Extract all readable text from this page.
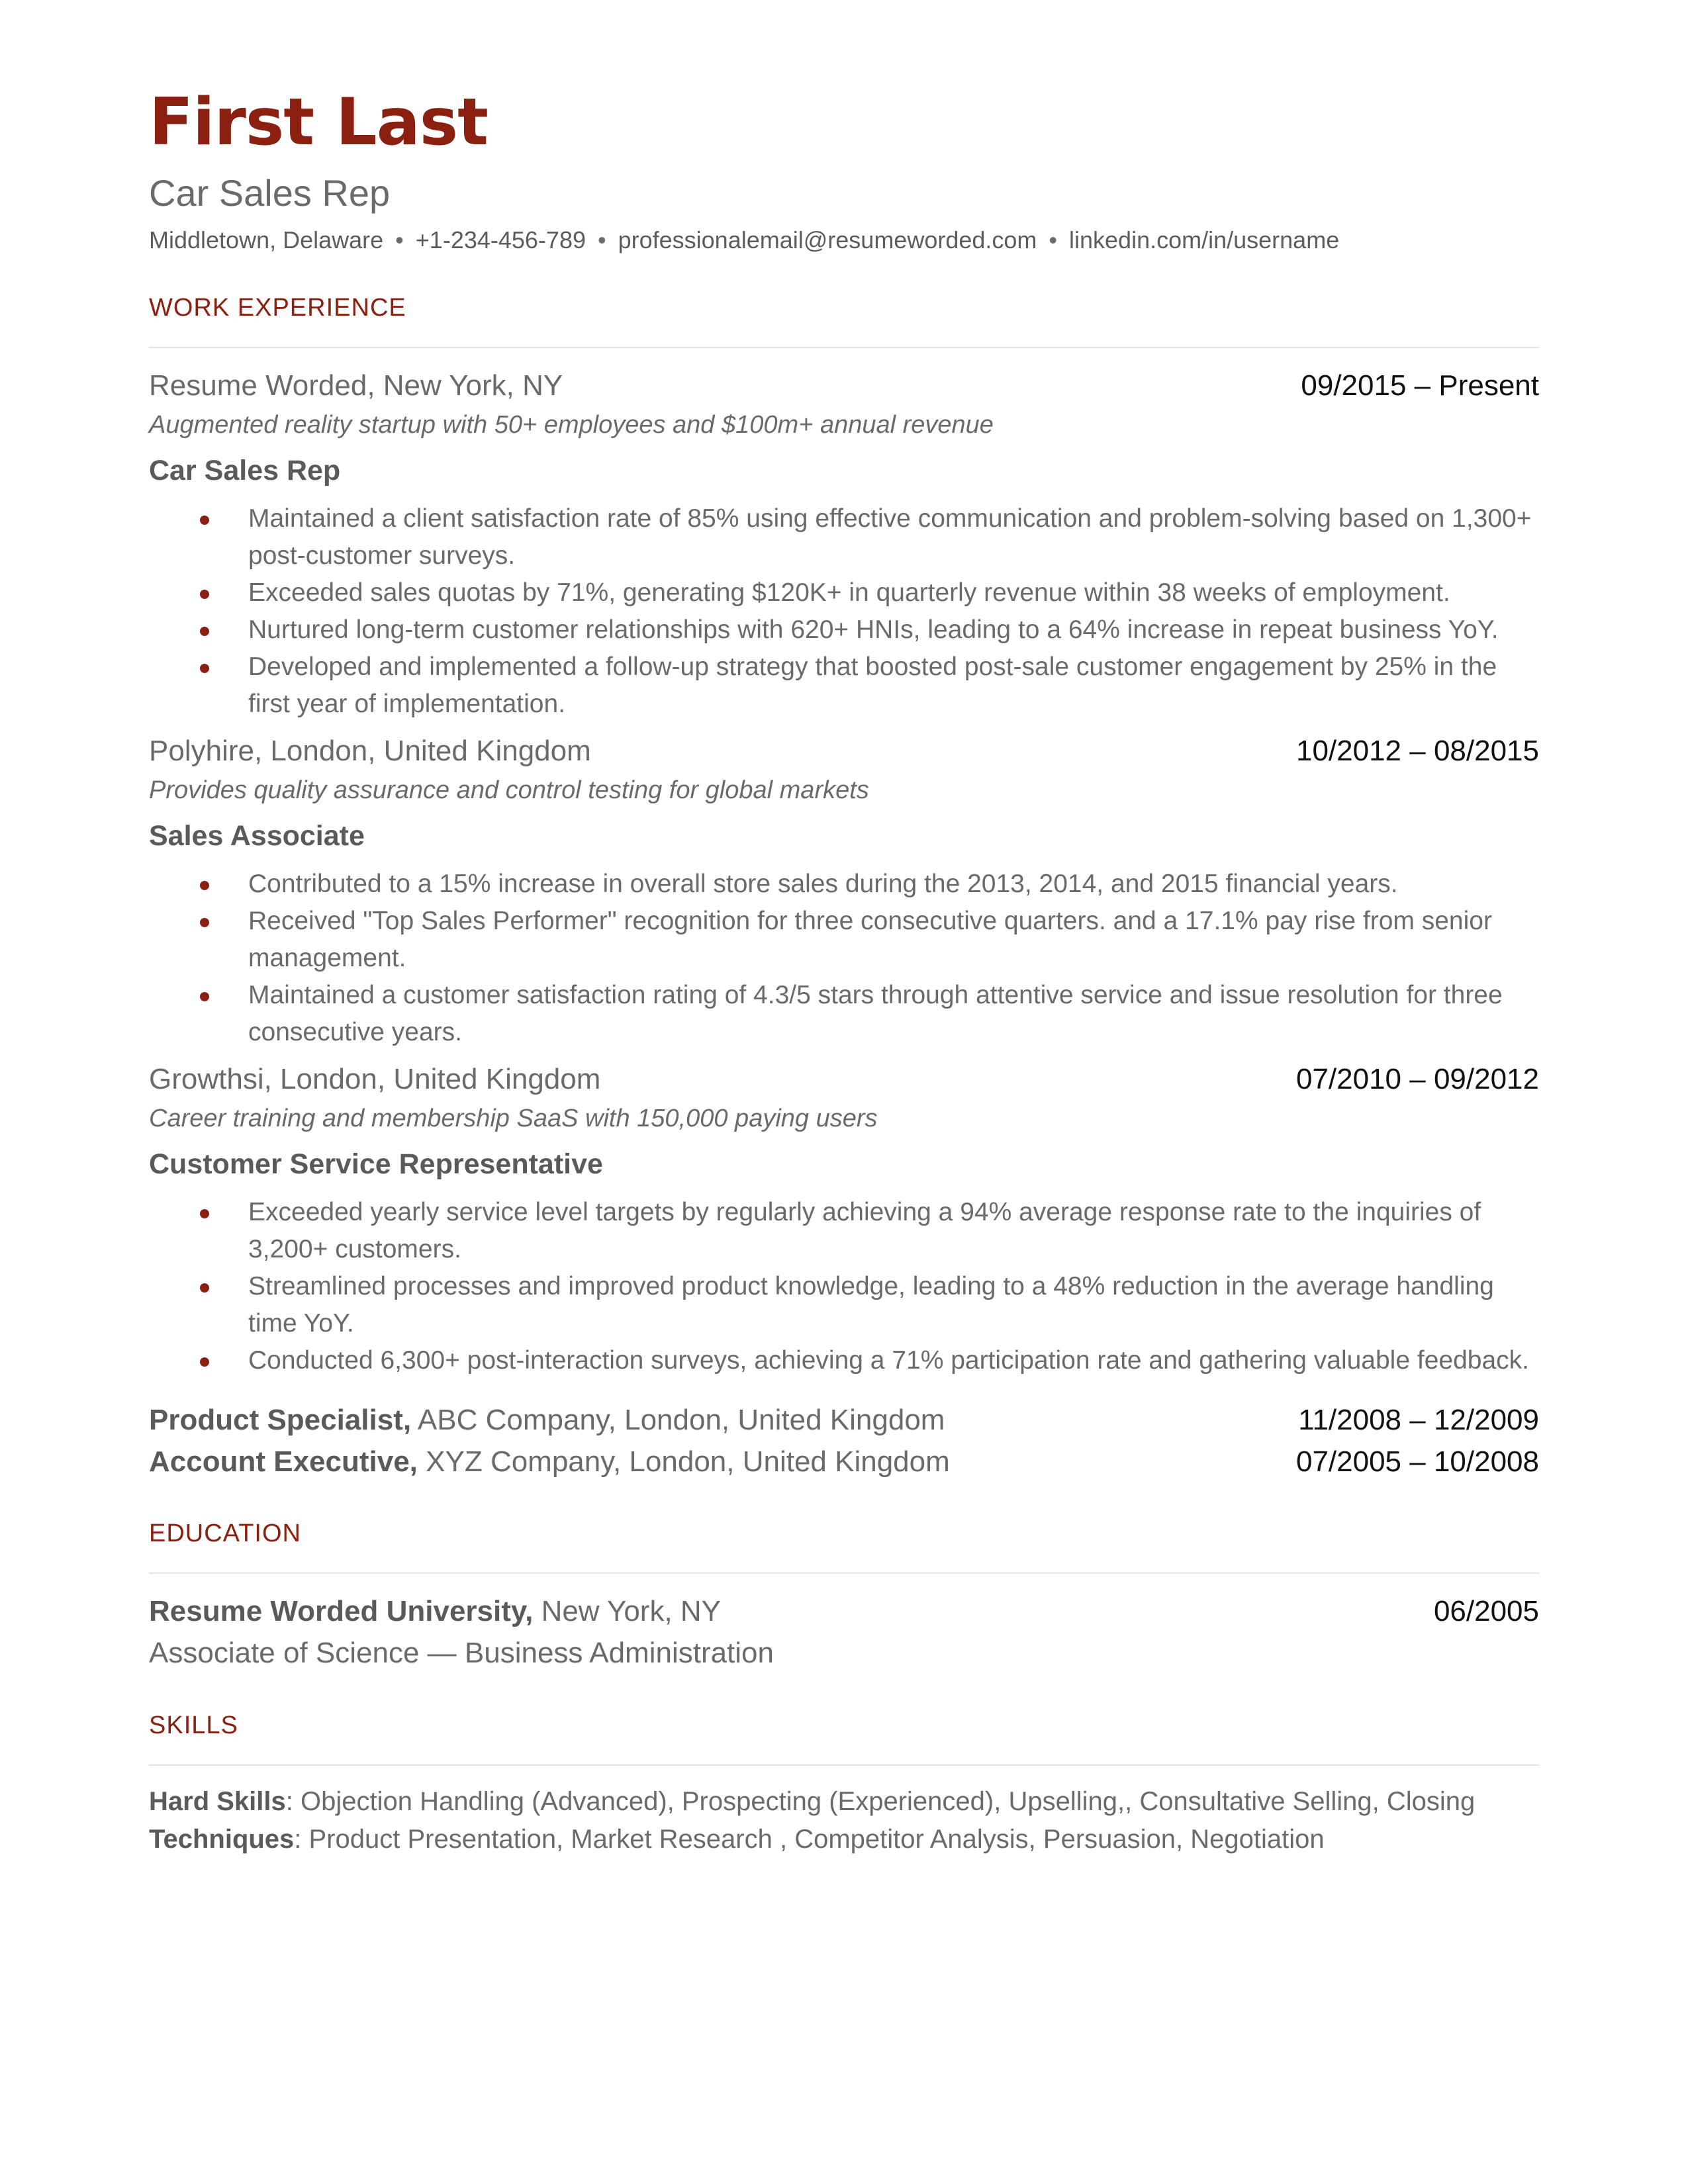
First Last
Car Sales Rep
Middletown, Delaware • +1-234-456-789 • professionalemail@resumeworded.com • linkedin.com/in/username
WORK EXPERIENCE
Resume Worded, New York, NY	09/2015 – Present
Augmented reality startup with 50+ employees and $100m+ annual revenue
Car Sales Rep
Maintained a client satisfaction rate of 85% using effective communication and problem-solving based on 1,300+ post-customer surveys.
Exceeded sales quotas by 71%, generating $120K+ in quarterly revenue within 38 weeks of employment.
Nurtured long-term customer relationships with 620+ HNIs, leading to a 64% increase in repeat business YoY.
Developed and implemented a follow-up strategy that boosted post-sale customer engagement by 25% in the first year of implementation.
Polyhire, London, United Kingdom	10/2012 – 08/2015
Provides quality assurance and control testing for global markets
Sales Associate
Contributed to a 15% increase in overall store sales during the 2013, 2014, and 2015 financial years.
Received "Top Sales Performer" recognition for three consecutive quarters. and a 17.1% pay rise from senior management.
Maintained a customer satisfaction rating of 4.3/5 stars through attentive service and issue resolution for three consecutive years.
Growthsi, London, United Kingdom	07/2010 – 09/2012
Career training and membership SaaS with 150,000 paying users
Customer Service Representative
Exceeded yearly service level targets by regularly achieving a 94% average response rate to the inquiries of 3,200+ customers.
Streamlined processes and improved product knowledge, leading to a 48% reduction in the average handling time YoY.
Conducted 6,300+ post-interaction surveys, achieving a 71% participation rate and gathering valuable feedback.
Product Specialist, ABC Company, London, United Kingdom	11/2008 – 12/2009
Account Executive, XYZ Company, London, United Kingdom	07/2005 – 10/2008
EDUCATION
Resume Worded University, New York, NY	06/2005
Associate of Science — Business Administration
SKILLS
Hard Skills: Objection Handling (Advanced), Prospecting (Experienced), Upselling,, Consultative Selling, Closing
Techniques: Product Presentation, Market Research , Competitor Analysis, Persuasion, Negotiation
